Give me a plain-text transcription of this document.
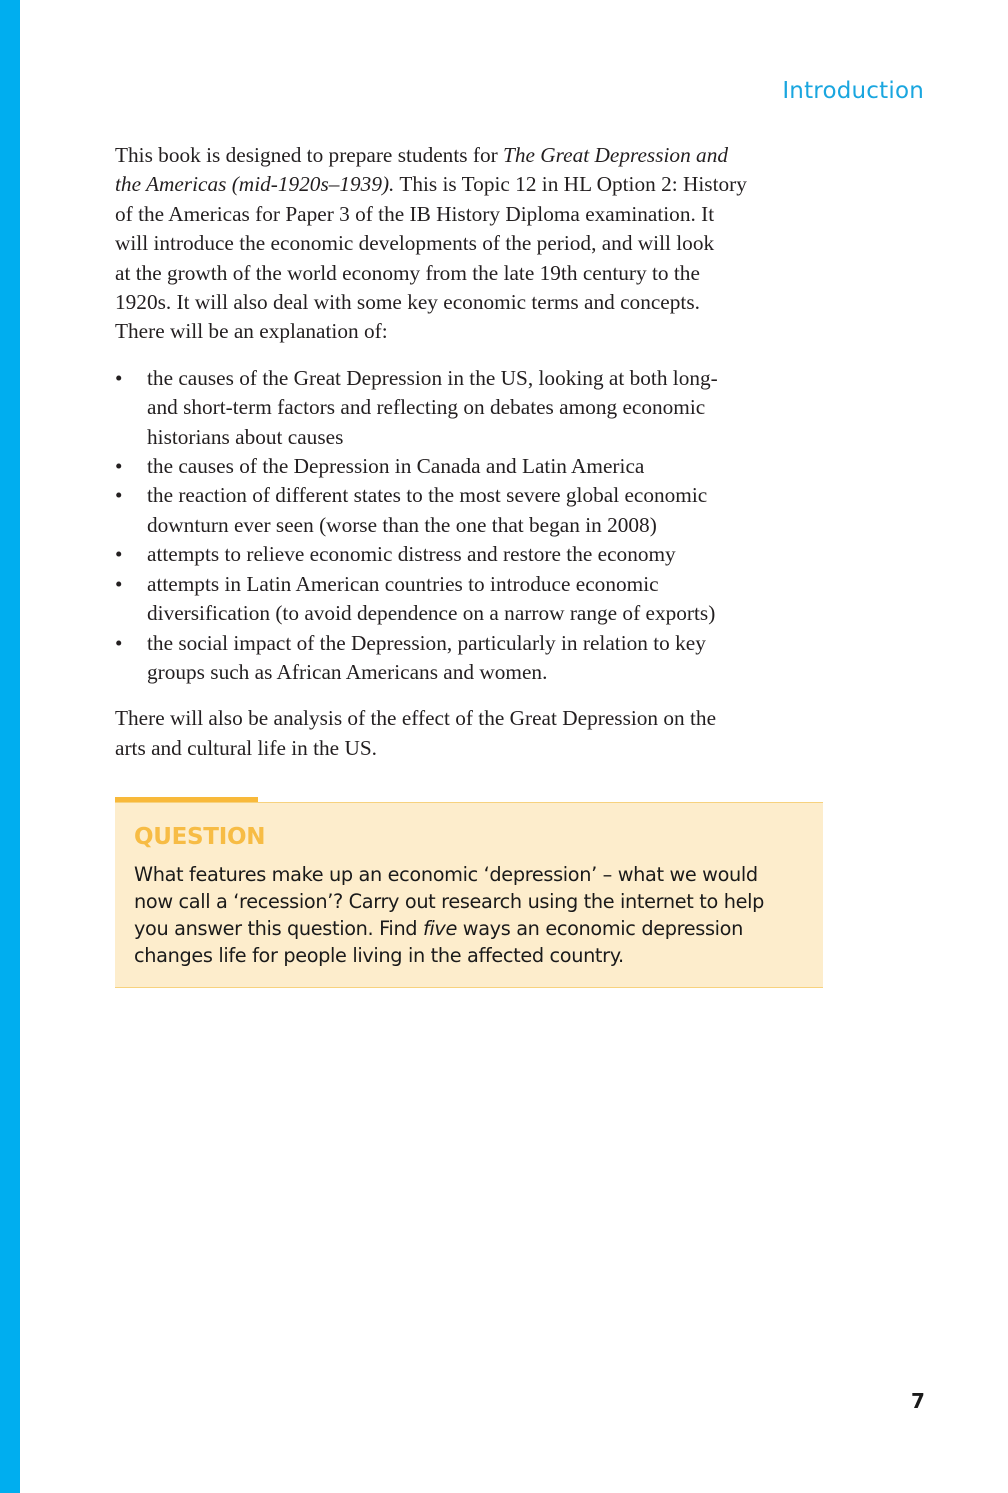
Introduction
This book is designed to prepare students for The Great Depression and
the Americas (mid-1920s–1939). This is Topic 12 in HL Option 2: History
of the Americas for Paper 3 of the IB History Diploma examination. It
will introduce the economic developments of the period, and will look
at the growth of the world economy from the late 19th century to the
1920s. It will also deal with some key economic terms and concepts.
There will be an explanation of:
• the causes of the Great Depression in the US, looking at both long-
and short-term factors and reflecting on debates among economic
historians about causes
• the causes of the Depression in Canada and Latin America
• the reaction of different states to the most severe global economic
downturn ever seen (worse than the one that began in 2008)
• attempts to relieve economic distress and restore the economy
• attempts in Latin American countries to introduce economic
diversification (to avoid dependence on a narrow range of exports)
• the social impact of the Depression, particularly in relation to key
groups such as African Americans and women.
There will also be analysis of the effect of the Great Depression on the
arts and cultural life in the US.
QUESTION
What features make up an economic ‘depression’ – what we would
now call a ‘recession’? Carry out research using the internet to help
you answer this question. Find five ways an economic depression
changes life for people living in the affected country.
7
